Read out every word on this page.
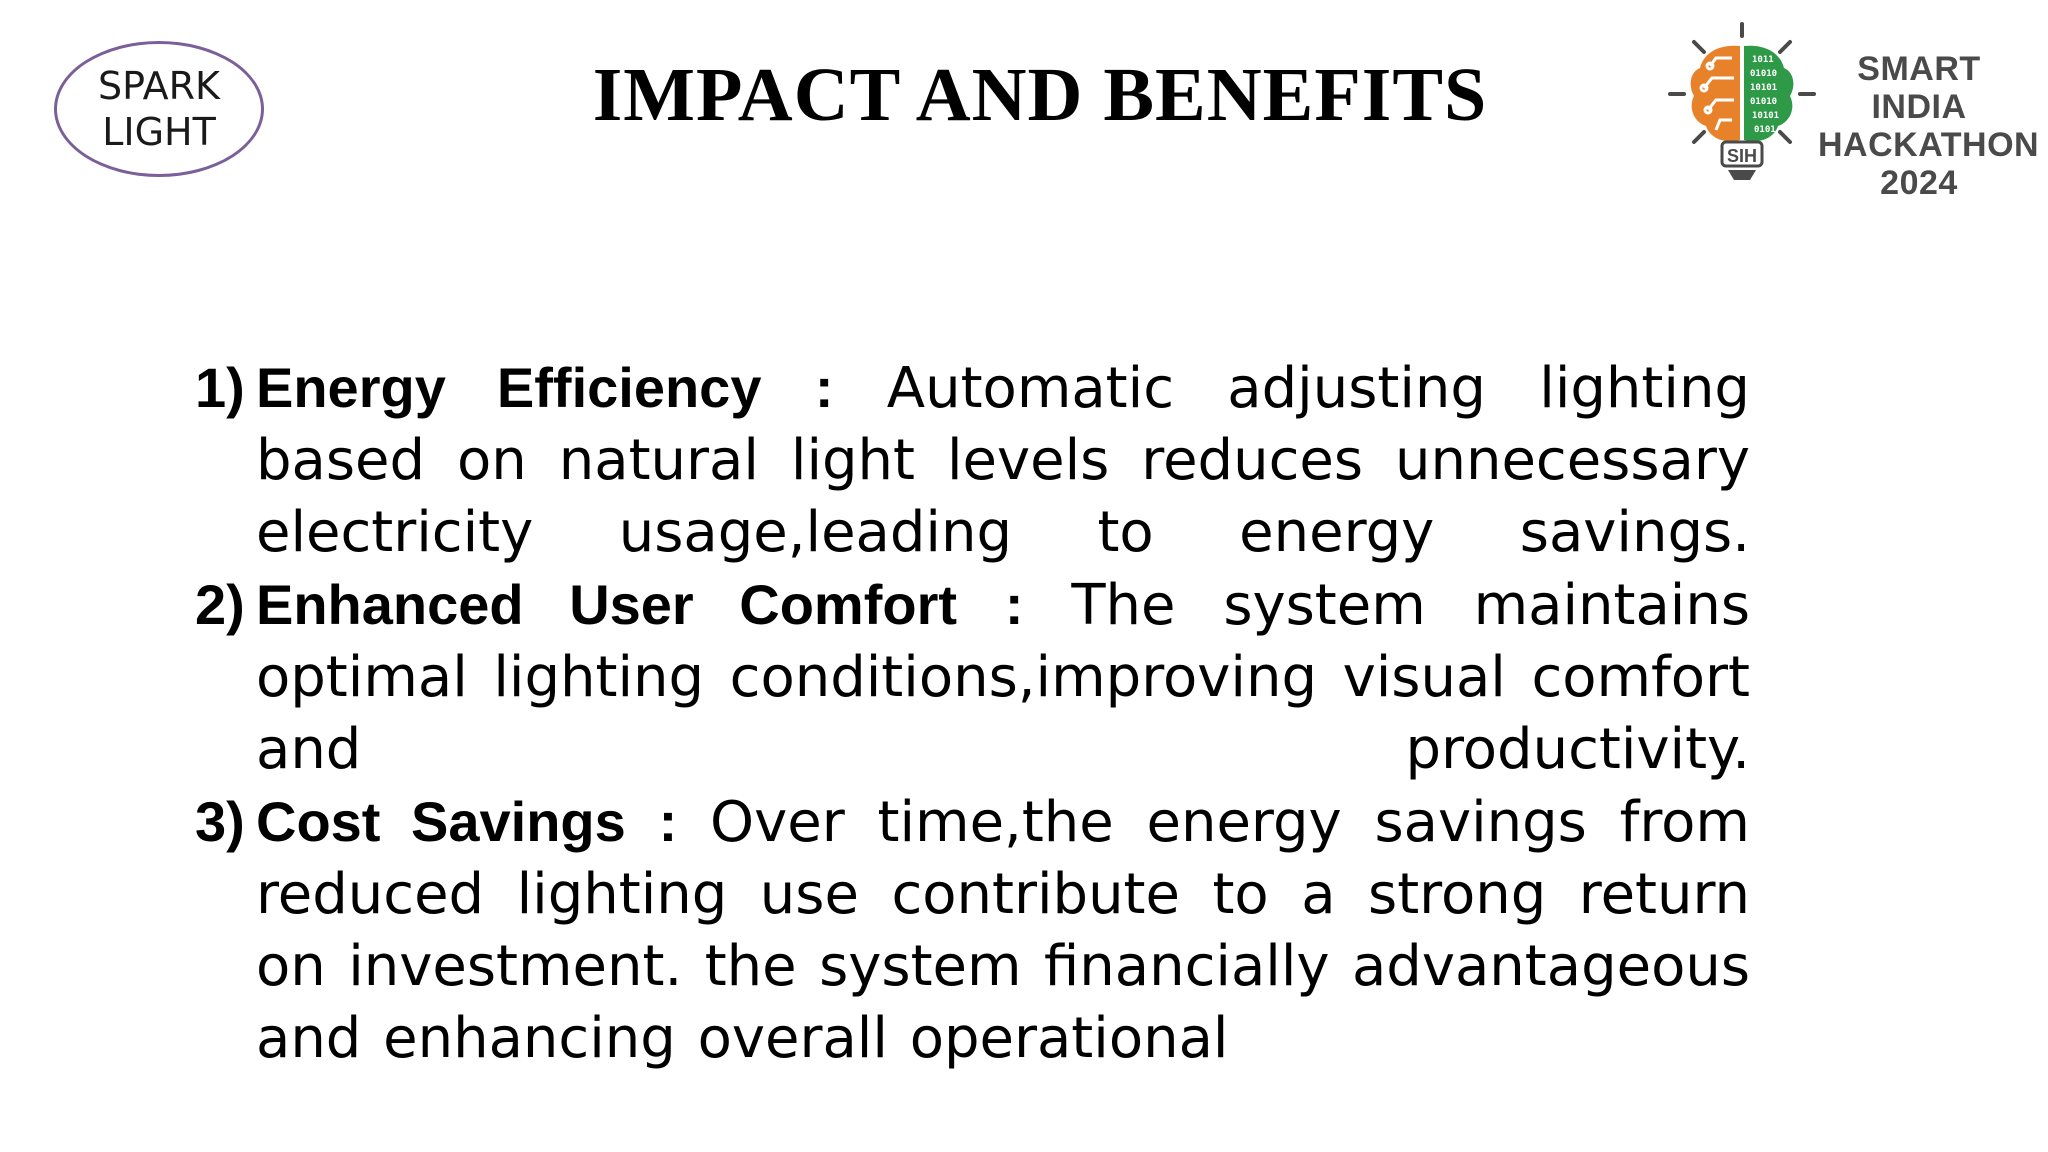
SPARK
LIGHT	IMPACT AND BENEFITS	1011
01010
10101
01010
10101
0101
SIH
SMART INDIA
HACKATHON
2024
1) Energy Efficiency : Automatic adjusting lighting based on natural light levels reduces unnecessary electricity usage,leading to energy savings.
2) Enhanced User Comfort : The system maintains optimal lighting conditions,improving visual comfort and productivity.
3) Cost Savings : Over time,the energy savings from reduced lighting use contribute to a strong return on investment. the system financially advantageous and enhancing overall operational
